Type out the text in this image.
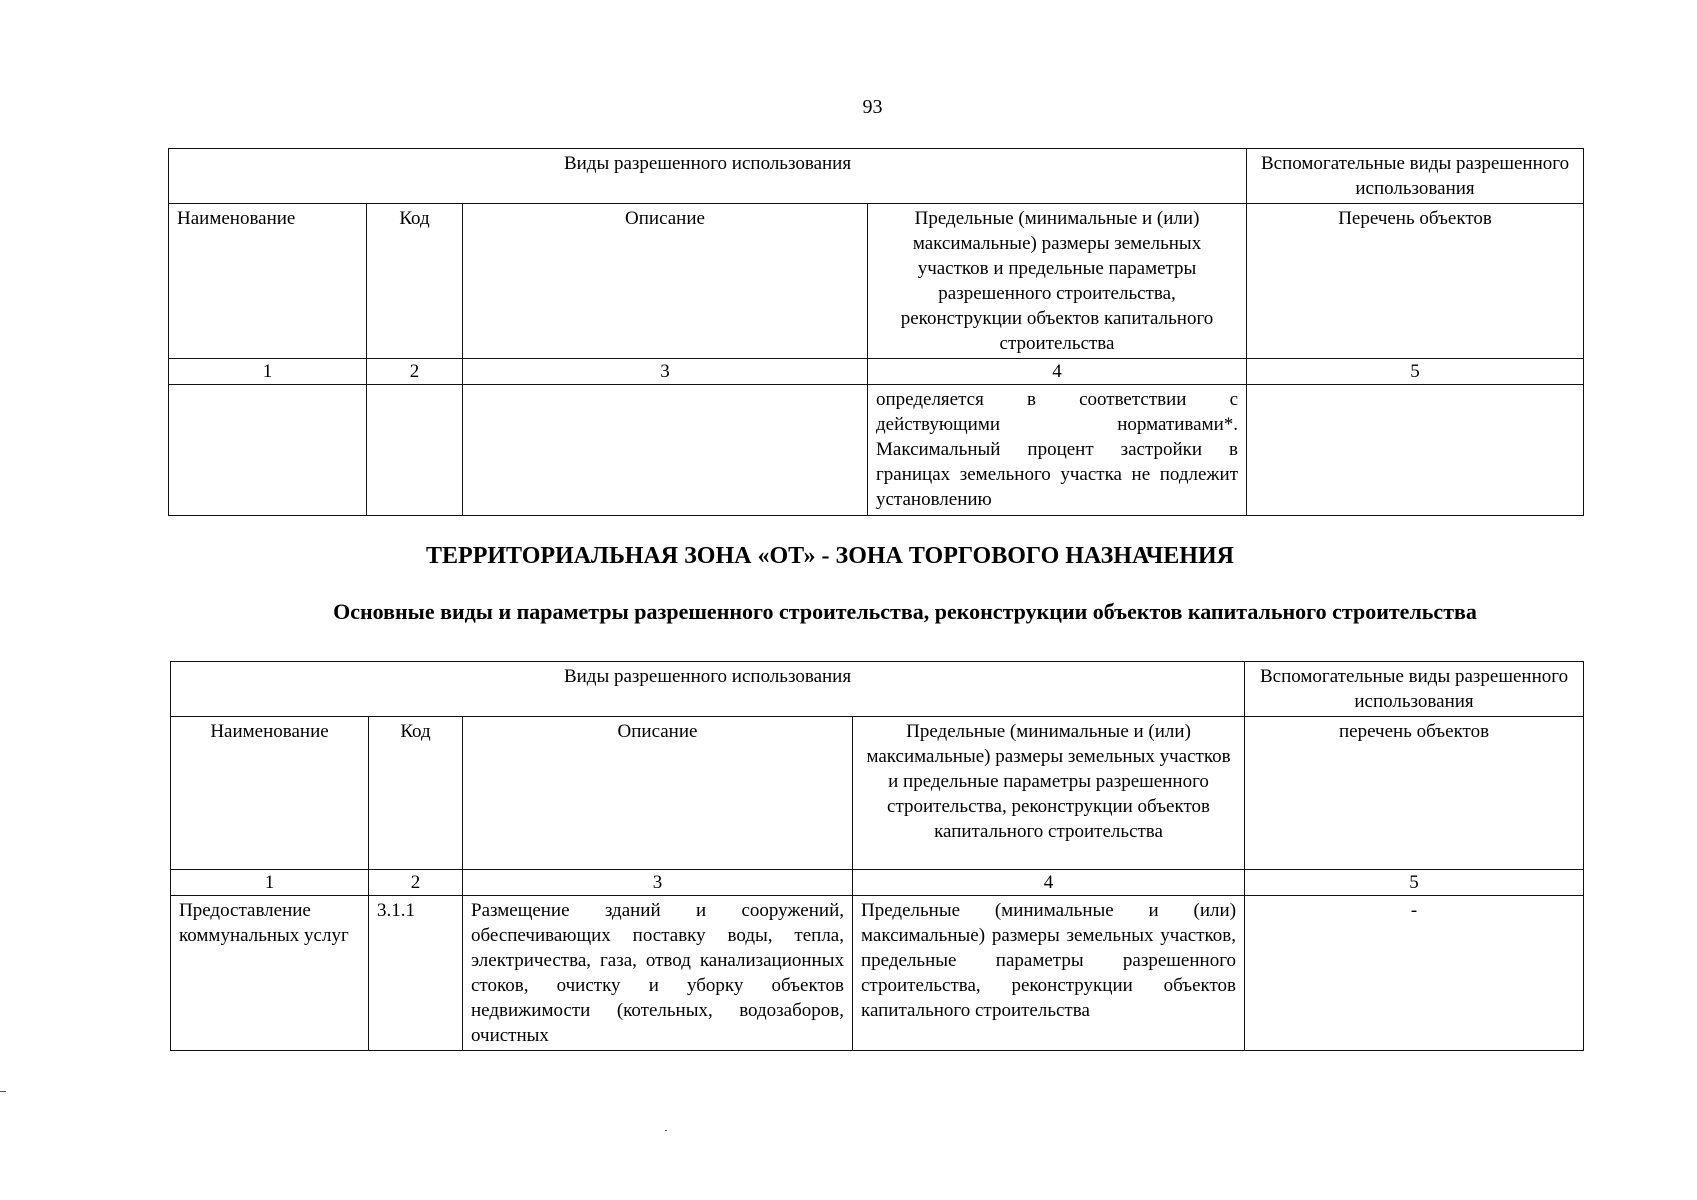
93
Виды разрешенного использования				Вспомогательные виды разрешенного использования
Наименование	Код	Описание	Предельные (минимальные и (или) максимальные) размеры земельных участков и предельные параметры разрешенного строительства, реконструкции объектов капитального строительства	Перечень объектов
1	2	3	4	5
			определяется в соответствии с действующими нормативами*. Максимальный процент застройки в границах земельного участка не подлежит установлению	
ТЕРРИТОРИАЛЬНАЯ ЗОНА «ОТ» - ЗОНА ТОРГОВОГО НАЗНАЧЕНИЯ
Основные виды и параметры разрешенного строительства, реконструкции объектов капитального строительства
Виды разрешенного использования				Вспомогательные виды разрешенного использования
Наименование	Код	Описание	Предельные (минимальные и (или) максимальные) размеры земельных участков и предельные параметры разрешенного строительства, реконструкции объектов капитального строительства	перечень объектов
1	2	3	4	5
Предоставление коммунальных услуг	3.1.1	Размещение зданий и сооружений, обеспечивающих поставку воды, тепла, электричества, газа, отвод канализационных стоков, очистку и уборку объектов недвижимости (котельных, водозаборов, очистных	Предельные (минимальные и (или) максимальные) размеры земельных участков, предельные параметры разрешенного строительства, реконструкции объектов капитального строительства	-
